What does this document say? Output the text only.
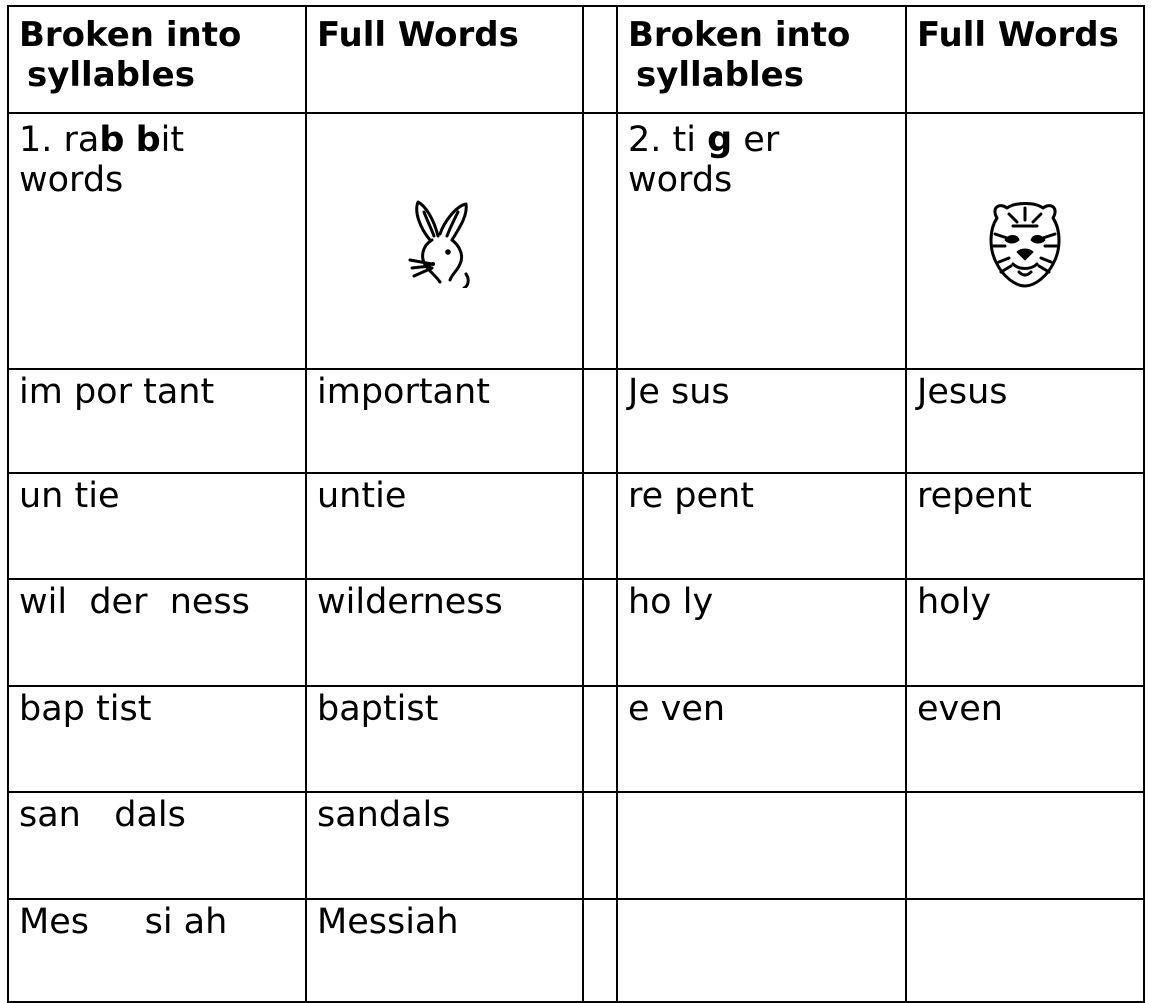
Broken into
syllables	Full Words		Broken into
syllables	Full Words
1. rab bit
words			2. ti g er
words	

im por tant	important		Je sus	Jesus
un tie	untie		re pent	repent
wil  der  ness	wilderness		ho ly	holy
bap tist	baptist		e ven	even
san   dals	sandals			
Mes     si ah	Messiah			
